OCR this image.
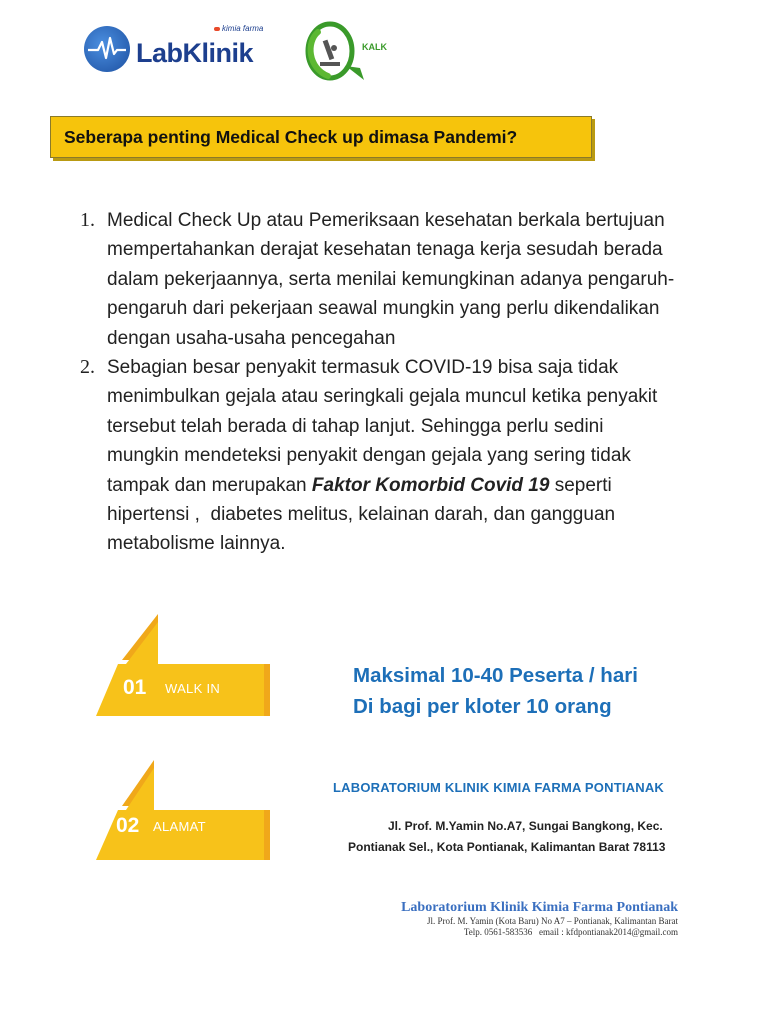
kimia farma
LabKlinik	KALK
Seberapa penting Medical Check up dimasa Pandemi?
1. Medical Check Up atau Pemeriksaan kesehatan berkala bertujuan
mempertahankan derajat kesehatan tenaga kerja sesudah berada
dalam pekerjaannya, serta menilai kemungkinan adanya pengaruh-
pengaruh dari pekerjaan seawal mungkin yang perlu dikendalikan
dengan usaha-usaha pencegahan
2. Sebagian besar penyakit termasuk COVID-19 bisa saja tidak
menimbulkan gejala atau seringkali gejala muncul ketika penyakit
tersebut telah berada di tahap lanjut. Sehingga perlu sedini
mungkin mendeteksi penyakit dengan gejala yang sering tidak
tampak dan merupakan Faktor Komorbid Covid 19 seperti
hipertensi ,  diabetes melitus, kelainan darah, dan gangguan
metabolisme lainnya.
01 WALK IN
02 ALAMAT
Maksimal 10-40 Peserta / hari
Di bagi per kloter 10 orang
LABORATORIUM KLINIK KIMIA FARMA PONTIANAK
Jl. Prof. M.Yamin No.A7, Sungai Bangkong, Kec.
Pontianak Sel., Kota Pontianak, Kalimantan Barat 78113
Laboratorium Klinik Kimia Farma Pontianak
Jl. Prof. M. Yamin (Kota Baru) No A7 – Pontianak, Kalimantan Barat
Telp. 0561-583536   email : kfdpontianak2014@gmail.com
